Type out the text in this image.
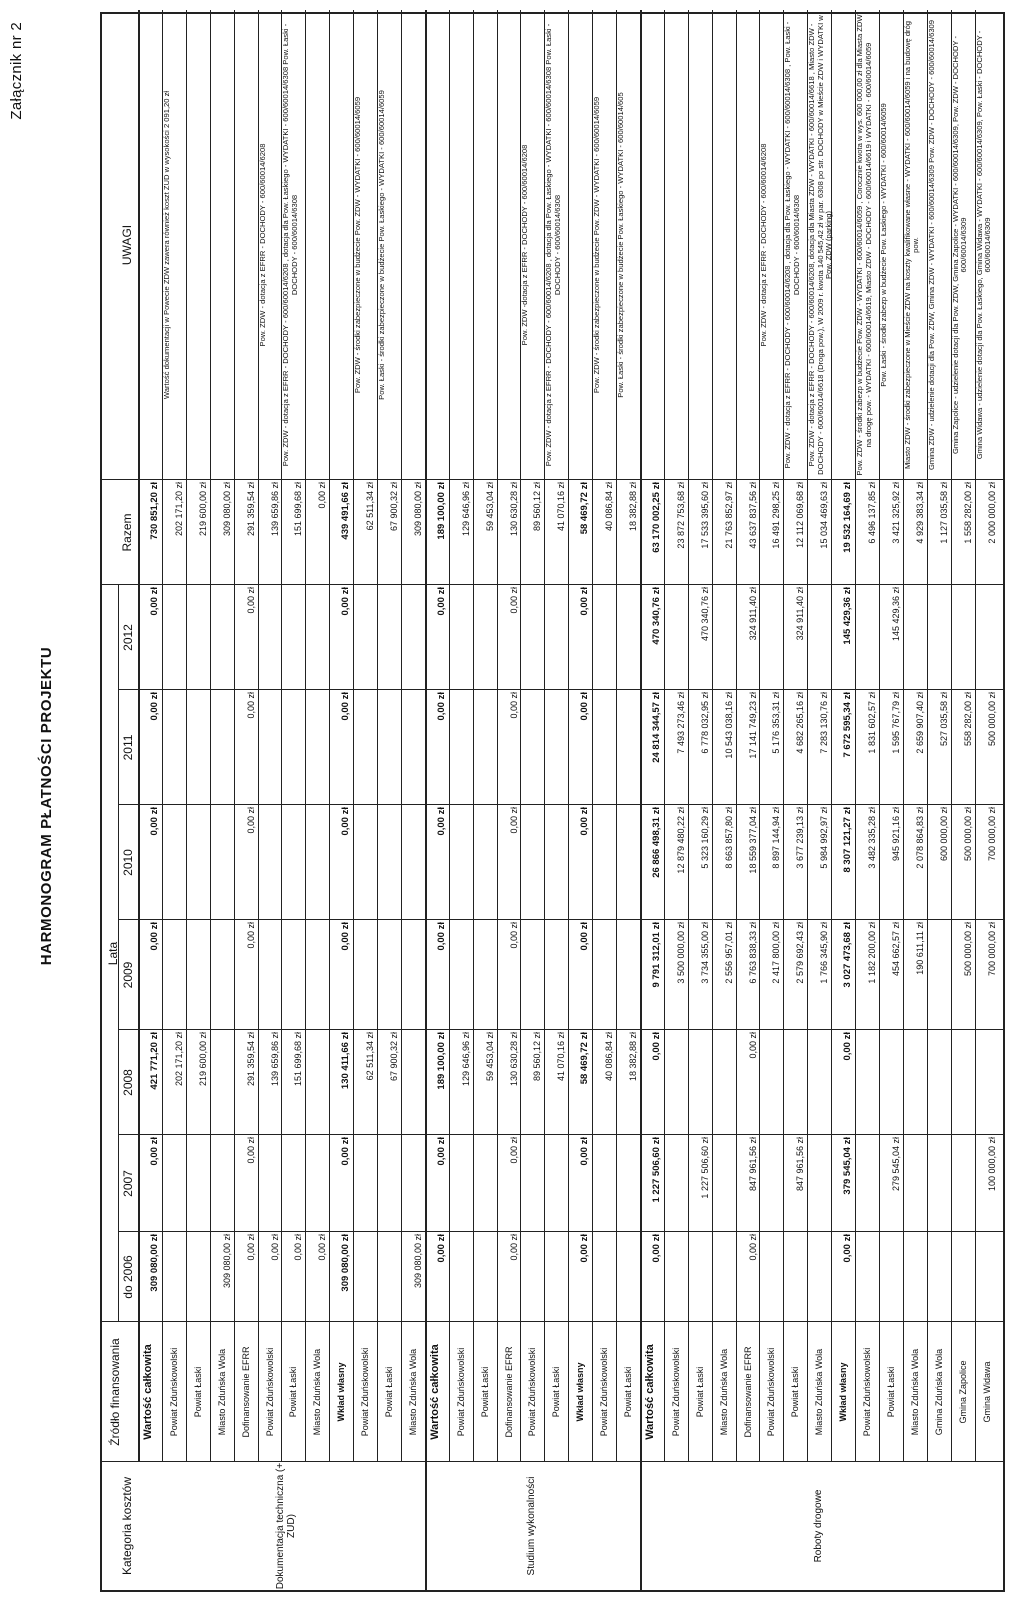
Załącznik nr 2
HARMONOGRAM PŁATNOŚCI PROJEKTU
Kategoria kosztów
Źródło finansowania
Lata
Razem
UWAGI
do 2006
2007
2008
2009
2010
2011
2012
Dokumentacja techniczna (+ ZUD)	Studium wykonalności	Roboty drogowe
Wartość całkowita
309 080,00 zł
0,00 zł
421 771,20 zł
0,00 zł
0,00 zł
0,00 zł
0,00 zł
730 851,20 zł
Powiat Zduńskowolski
202 171,20 zł
202 171,20 zł
Wartość dokumentacji w Powecie ZDW zawera również koszt ZUD w wysokości 2 091,20 zł
Powiat Łaski
219 600,00 zł
219 600,00 zł
Miasto Zduńska Wola
309 080,00 zł
309 080,00 zł
Dofinansowanie EFRR
0,00 zł
0,00 zł
291 359,54 zł
0,00 zł
0,00 zł
0,00 zł
0,00 zł
291 359,54 zł
Powiat Zduńskowolski
0,00 zł
139 659,86 zł
139 659,86 zł
Pow. ZDW - dotacja z EFRR - DOCHODY - 600/60014/6208
Powiat Łaski
0,00 zł
151 699,68 zł
151 699,68 zł
Pow. ZDW - dotacja z EFRR - DOCHODY - 600/60014/6208 , dotacja dla Pow. Łaskiego - WYDATKI - 600/60014/6308 Pow. Łaski - DOCHODY - 600/60014/6308
Miasto Zduńska Wola
0,00 zł
0,00 zł
Wkład własny
309 080,00 zł
0,00 zł
130 411,66 zł
0,00 zł
0,00 zł
0,00 zł
0,00 zł
439 491,66 zł
Powiat Zduńskowolski
62 511,34 zł
62 511,34 zł
Pow. ZDW - środki zabezpieczone w budżecie Pow. ZDW - WYDATKI - 600/60014/6059
Powiat Łaski
67 900,32 zł
67 900,32 zł
Pow. Łaski - środki zabezpieczone w budżecie Pow. Łaskiego - WYDATKI - 600/60014/6059
Miasto Zduńska Wola
309 080,00 zł
309 080,00 zł
Wartość całkowita
0,00 zł
0,00 zł
189 100,00 zł
0,00 zł
0,00 zł
0,00 zł
0,00 zł
189 100,00 zł
Powiat Zduńskowolski
129 646,96 zł
129 646,96 zł
Powiat Łaski
59 453,04 zł
59 453,04 zł
Dofinansowanie EFRR
0,00 zł
0,00 zł
130 630,28 zł
0,00 zł
0,00 zł
0,00 zł
0,00 zł
130 630,28 zł
Powiat Zduńskowolski
89 560,12 zł
89 560,12 zł
Pow. ZDW -dotacja z EFRR - DOCHODY - 600/60014/6208
Powiat Łaski
41 070,16 zł
41 070,16 zł
Pow. ZDW - dotacja z EFRR - DOCHODY - 600/60014/6208 , dotacja dla Pow. Łaskiego - WYDATKI - 600/60014/6308 Pow. Łaski - DOCHODY - 600/60014/6308
Wkład własny
0,00 zł
0,00 zł
58 469,72 zł
0,00 zł
0,00 zł
0,00 zł
0,00 zł
58 469,72 zł
Powiat Zduńskowolski
40 086,84 zł
40 086,84 zł
Pow. ZDW - środki zabezpieczone w budżecie Pow. ZDW - WYDATKI - 600/60014/6059
Powiat Łaski
18 382,88 zł
18 382,88 zł
Pow. Łaski - środki zabezpieczone w budżecie Pow. Łaskiego - WYDATKI - 600/60014/605
Wartość całkowita
0,00 zł
1 227 506,60 zł
0,00 zł
9 791 312,01 zł
26 866 498,31 zł
24 814 344,57 zł
470 340,76 zł
63 170 002,25 zł
Powiat Zduńskowolski
3 500 000,00 zł
12 879 480,22 zł
7 493 273,46 zł
23 872 753,68 zł
Powiat Łaski
1 227 506,60 zł
3 734 355,00 zł
5 323 160,29 zł
6 778 032,95 zł
470 340,76 zł
17 533 395,60 zł
Miasto Zduńska Wola
2 556 957,01 zł
8 663 857,80 zł
10 543 038,16 zł
21 763 852,97 zł
Dofinansowanie EFRR
0,00 zł
847 961,56 zł
0,00 zł
6 763 838,33 zł
18 559 377,04 zł
17 141 749,23 zł
324 911,40 zł
43 637 837,56 zł
Powiat Zduńskowolski
2 417 800,00 zł
8 897 144,94 zł
5 176 353,31 zł
16 491 298,25 zł
Pow. ZDW - dotacja z EFRR - DOCHODY - 600/60014/6208
Powiat Łaski
847 961,56 zł
2 579 692,43 zł
3 677 239,13 zł
4 682 265,16 zł
324 911,40 zł
12 112 069,68 zł
Pow. ZDW - dotacja z EFRR - DOCHODY - 600/60014/6208 , dotacja dla Pow. Łaskiego - WYDATKI - 600/60014/6308 , Pow. Łaski - DOCHODY - 600/60014/6308
Miasto Zduńska Wola
1 766 345,90 zł
5 984 992,97 zł
7 283 130,76 zł
15 034 469,63 zł
Pow. ZDW - dotacja z EFRR - DOCHODY - 600/60014/6208, dotacja dla Miasta ZDW - WYDATKI - 600/60014/6618 , Miasto ZDW - DOCHODY - 600/60014/6618 (Droga pow.), W 2009 r. kwota 140 545,42 zł w par. 6308 po str. DOCHODY w Mieście ZDW i WYDATKI w Pow. ZDW (parking)
Wkład własny
0,00 zł
379 545,04 zł
0,00 zł
3 027 473,68 zł
8 307 121,27 zł
7 672 595,34 zł
145 429,36 zł
19 532 164,69 zł
Powiat Zduńskowolski
1 182 200,00 zł
3 482 335,28 zł
1 831 602,57 zł
6 496 137,85 zł
Pow. ZDW - środki zabezp w budżecie Pow. ZDW - WYDATKI - 600/60014/6059 , Corocznie kwota w wys. 600 000,00 zł dla Miasta ZDW na drogę pow. - WYDATKI - 600/60014/6619, Miasto ZDW - DOCHODY - 600/60014/6619 i WYDATKI - 600/60014/6059
Powiat Łaski
279 545,04 zł
454 662,57 zł
945 921,16 zł
1 595 767,79 zł
145 429,36 zł
3 421 325,92 zł
Pow. Łaski - środki zabezp w budżecie Pow. Łaskiego - WYDATKI - 600/60014/6059
Miasto Zduńska Wola
190 611,11 zł
2 078 864,83 zł
2 659 907,40 zł
4 929 383,34 zł
Miasto ZDW - środki zabezpieczone w Mieście ZDW na koszty kwalifikowane własne - WYDATKI - 600/60014/6059 i na budowę dróg pow.
Gmina Zduńska Wola
600 000,00 zł
527 035,58 zł
1 127 035,58 zł
Gmina ZDW - udzielenie dotacji dla Pow. ZDW, Gmina ZDW - WYDATKI - 600/60014/6309 Pow. ZDW - DOCHODY - 600/60014/6309
Gmina Zapolice
500 000,00 zł
500 000,00 zł
558 282,00 zł
1 558 282,00 zł
Gmina Zapolice - udzielenie dotacji dla Pow. ZDW, Gmina Zapolice - WYDATKI - 600/60014/6309, Pow. ZDW - DOCHODY - 600/60014/6309
Gmina Widawa
100 000,00 zł
700 000,00 zł
700 000,00 zł
500 000,00 zł
2 000 000,00 zł
Gmina Widawa - udzielenie dotacji dla Pow. Łaskiego, Gmina Widawa - WYDATKI - 600/60014/6309, Pow. Łaski - DOCHODY - 600/60014/6309
